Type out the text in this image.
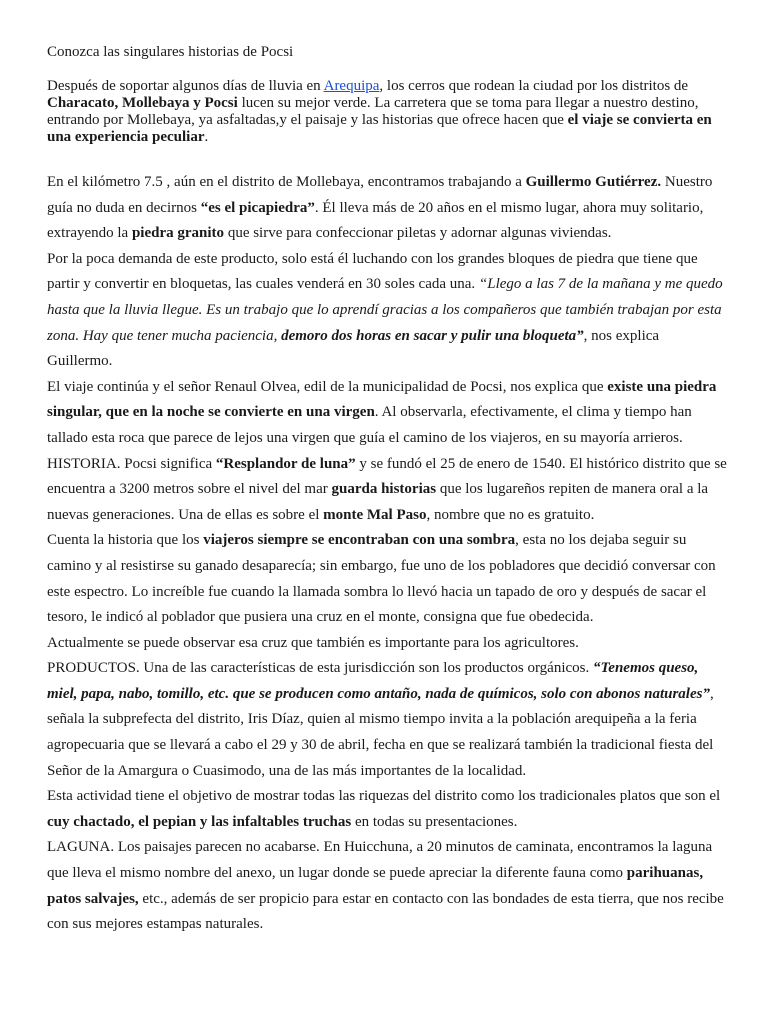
Conozca las singulares historias de Pocsi

Después de soportar algunos días de lluvia en Arequipa, los cerros que rodean la ciudad por los distritos de Characato, Mollebaya y Pocsi lucen su mejor verde. La carretera que se toma para llegar a nuestro destino, entrando por Mollebaya, ya asfaltadas,y el paisaje y las historias que ofrece hacen que el viaje se convierta en una experiencia peculiar.

En el kilómetro 7.5 , aún en el distrito de Mollebaya, encontramos trabajando a Guillermo Gutiérrez. Nuestro guía no duda en decirnos “es el picapiedra”. Él lleva más de 20 años en el mismo lugar, ahora muy solitario, extrayendo la piedra granito que sirve para confeccionar piletas y adornar algunas viviendas.

Por la poca demanda de este producto, solo está él luchando con los grandes bloques de piedra que tiene que partir y convertir en bloquetas, las cuales venderá en 30 soles cada una. “Llego a las 7 de la mañana y me quedo hasta que la lluvia llegue. Es un trabajo que lo aprendí gracias a los compañeros que también trabajan por esta zona. Hay que tener mucha paciencia, demoro dos horas en sacar y pulir una bloqueta”, nos explica Guillermo.

El viaje continúa y el señor Renaul Olvea, edil de la municipalidad de Pocsi, nos explica que existe una piedra singular, que en la noche se convierte en una virgen. Al observarla, efectivamente, el clima y tiempo han tallado esta roca que parece de lejos una virgen que guía el camino de los viajeros, en su mayoría arrieros. HISTORIA. Pocsi significa “Resplandor de luna” y se fundó el 25 de enero de 1540. El histórico distrito que se encuentra a 3200 metros sobre el nivel del mar guarda historias que los lugareños repiten de manera oral a la nuevas generaciones. Una de ellas es sobre el monte Mal Paso, nombre que no es gratuito.

Cuenta la historia que los viajeros siempre se encontraban con una sombra, esta no los dejaba seguir su camino y al resistirse su ganado desaparecía; sin embargo, fue uno de los pobladores que decidió conversar con este espectro. Lo increíble fue cuando la llamada sombra lo llevó hacia un tapado de oro y después de sacar el tesoro, le indicó al poblador que pusiera una cruz en el monte, consigna que fue obedecida.

Actualmente se puede observar esa cruz que también es importante para los agricultores.

PRODUCTOS. Una de las características de esta jurisdicción son los productos orgánicos. “Tenemos queso, miel, papa, nabo, tomillo, etc. que se producen como antaño, nada de químicos, solo con abonos naturales”, señala la subprefecta del distrito, Iris Díaz, quien al mismo tiempo invita a la población arequipeña a la feria agropecuaria que se llevará a cabo el 29 y 30 de abril, fecha en que se realizará también la tradicional fiesta del Señor de la Amargura o Cuasimodo, una de las más importantes de la localidad.

Esta actividad tiene el objetivo de mostrar todas las riquezas del distrito como los tradicionales platos que son el cuy chactado, el pepian y las infaltables truchas en todas su presentaciones.

LAGUNA. Los paisajes parecen no acabarse. En Huicchuna, a 20 minutos de caminata, encontramos la laguna que lleva el mismo nombre del anexo, un lugar donde se puede apreciar la diferente fauna como parihuanas, patos salvajes, etc., además de ser propicio para estar en contacto con las bondades de esta tierra, que nos recibe con sus mejores estampas naturales.
